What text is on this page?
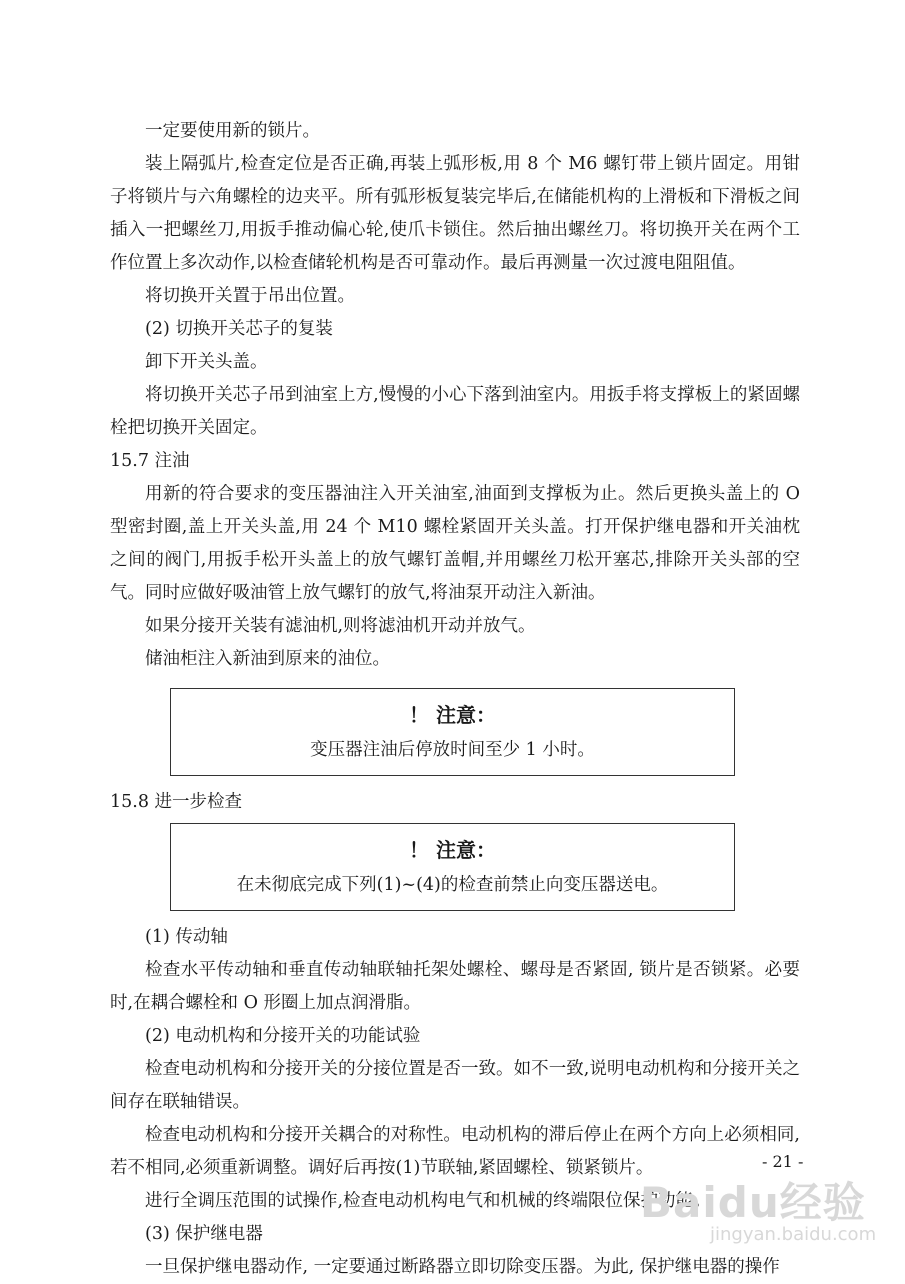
一定要使用新的锁片。

装上隔弧片,检查定位是否正确,再装上弧形板,用 8 个 M6 螺钉带上锁片固定。用钳子将锁片与六角螺栓的边夹平。所有弧形板复装完毕后,在储能机构的上滑板和下滑板之间插入一把螺丝刀,用扳手推动偏心轮,使爪卡锁住。然后抽出螺丝刀。将切换开关在两个工作位置上多次动作,以检查储轮机构是否可靠动作。最后再测量一次过渡电阻阻值。

将切换开关置于吊出位置。

(2) 切换开关芯子的复装

卸下开关头盖。

将切换开关芯子吊到油室上方,慢慢的小心下落到油室内。用扳手将支撑板上的紧固螺栓把切换开关固定。

15.7 注油

用新的符合要求的变压器油注入开关油室,油面到支撑板为止。然后更换头盖上的 O 型密封圈,盖上开关头盖,用 24 个 M10 螺栓紧固开关头盖。打开保护继电器和开关油枕之间的阀门,用扳手松开头盖上的放气螺钉盖帽,并用螺丝刀松开塞芯,排除开关头部的空气。同时应做好吸油管上放气螺钉的放气,将油泵开动注入新油。

如果分接开关装有滤油机,则将滤油机开动并放气。

储油柜注入新油到原来的油位。

！ 注意：
变压器注油后停放时间至少 1 小时。

15.8 进一步检查

！ 注意：
在未彻底完成下列(1)~(4)的检查前禁止向变压器送电。

(1) 传动轴

检查水平传动轴和垂直传动轴联轴托架处螺栓、螺母是否紧固, 锁片是否锁紧。必要时,在耦合螺栓和 O 形圈上加点润滑脂。

(2) 电动机构和分接开关的功能试验

检查电动机构和分接开关的分接位置是否一致。如不一致,说明电动机构和分接开关之间存在联轴错误。

检查电动机构和分接开关耦合的对称性。电动机构的滞后停止在两个方向上必须相同,若不相同,必须重新调整。调好后再按(1)节联轴,紧固螺栓、锁紧锁片。

进行全调压范围的试操作,检查电动机构电气和机械的终端限位保护功能。

(3) 保护继电器

一旦保护继电器动作, 一定要通过断路器立即切除变压器。为此, 保护继电器的操作

- 21 -
Baidu经验
jingyan.baidu.com
